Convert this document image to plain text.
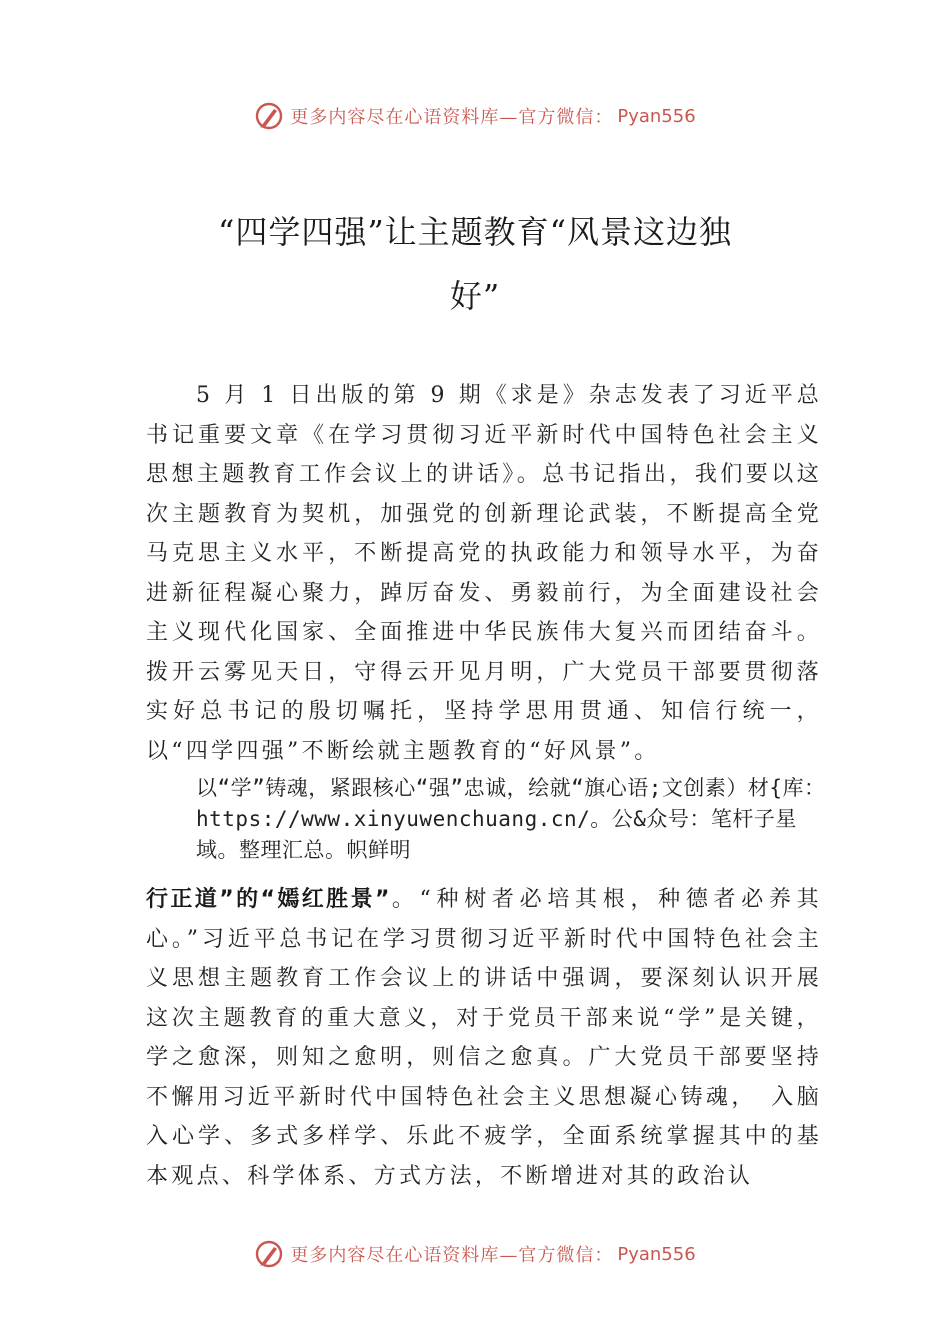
更多内容尽在心语资料库—官方微信： Pyan556
“四学四强”让主题教育“风景这边独
好”

5 月 1 日出版的第 9 期《求是》杂志发表了习近平总书记重要文章《在学习贯彻习近平新时代中国特色社会主义思想主题教育工作会议上的讲话》。总书记指出，我们要以这次主题教育为契机，加强党的创新理论武装，不断提高全党马克思主义水平，不断提高党的执政能力和领导水平，为奋进新征程凝心聚力，踔厉奋发、勇毅前行，为全面建设社会主义现代化国家、全面推进中华民族伟大复兴而团结奋斗。拨开云雾见天日，守得云开见月明，广大党员干部要贯彻落实好总书记的殷切嘱托，坚持学思用贯通、知信行统一，以“四学四强”不断绘就主题教育的“好风景”。

以“学”铸魂，紧跟核心“强”忠诚，绘就“旗心语;文创素）材{库：https://www.xinyuwenchuang.cn/。公&众号：笔杆子星域。整理汇总。帜鲜明

行正道”的“嫣红胜景”。“种树者必培其根，种德者必养其心。”习近平总书记在学习贯彻习近平新时代中国特色社会主义思想主题教育工作会议上的讲话中强调，要深刻认识开展这次主题教育的重大意义，对于党员干部来说“学”是关键，学之愈深，则知之愈明，则信之愈真。广大党员干部要坚持不懈用习近平新时代中国特色社会主义思想凝心铸魂，　入脑入心学、多式多样学、乐此不疲学，全面系统掌握其中的基本观点、科学体系、方式方法，不断增进对其的政治认

更多内容尽在心语资料库—官方微信： Pyan556
